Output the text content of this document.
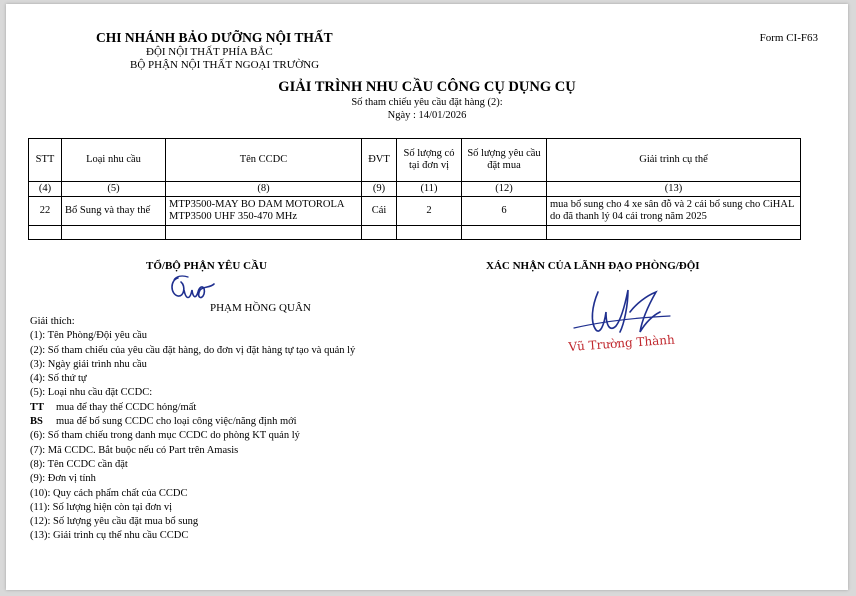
CHI NHÁNH BẢO DƯỠNG NỘI THẤT
ĐỘI NỘI THẤT PHÍA BẮC
BỘ PHẬN NỘI THẤT NGOẠI TRƯỜNG
Form CI-F63
GIẢI TRÌNH NHU CẦU CÔNG CỤ DỤNG CỤ
Số tham chiếu yêu cầu đặt hàng (2):
Ngày : 14/01/2026
STT	Loại nhu cầu	Tên CCDC	ĐVT	Số lượng có tại đơn vị	Số lượng yêu cầu đặt mua	Giải trình cụ thể
(4)	(5)	(8)	(9)	(11)	(12)	(13)
22	Bổ Sung và thay thế	MTP3500-MAY BO DAM MOTOROLA MTP3500 UHF 350-470 MHz	Cái	2	6	mua bổ sung cho 4 xe sân đỗ và 2 cái bổ sung cho CiHAL do đã thanh lý 04 cái trong năm 2025

TỔ/BỘ PHẬN YÊU CẦU
PHẠM HỒNG QUÂN
XÁC NHẬN CỦA LÃNH ĐẠO PHÒNG/ĐỘI
Vũ Trường Thành
Giải thích:
(1): Tên Phòng/Đội yêu cầu
(2): Số tham chiếu của yêu cầu đặt hàng, do đơn vị đặt hàng tự tạo và quản lý
(3): Ngày giải trình nhu cầu
(4): Số thứ tự
(5): Loại nhu cầu đặt CCDC:
TT mua để thay thế CCDC hỏng/mất
BS mua để bổ sung CCDC cho loại công việc/năng định mới
(6): Số tham chiếu trong danh mục CCDC do phòng KT quản lý
(7): Mã CCDC. Bắt buộc nếu có Part trên Amasis
(8): Tên CCDC cần đặt
(9): Đơn vị tính
(10): Quy cách phẩm chất của CCDC
(11): Số lượng hiện còn tại đơn vị
(12): Số lượng yêu cầu đặt mua bổ sung
(13): Giải trình cụ thể nhu cầu CCDC
